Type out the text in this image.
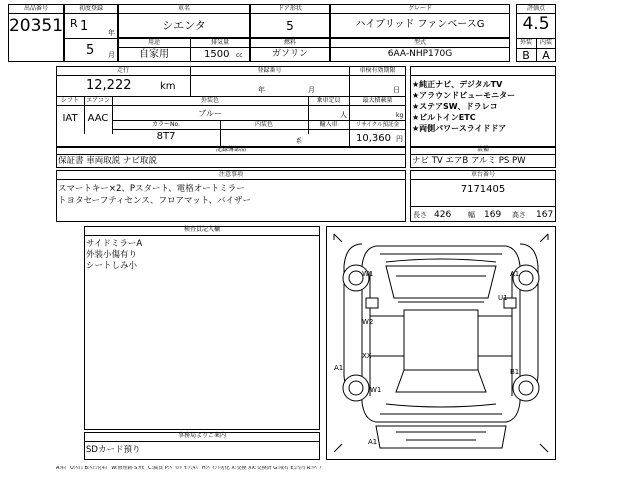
出品番号
20351
初度登録
R 1	年
5 月
車名
シエンタ
ドア形状
5
グレード
ハイブリッド ファンベースG
評価点
4.5
外装	内装
B	A
用途
自家用
排気量
1500 cc
燃料
ガソリン
型式
6AA-NHP170G
走行
12,222	km
登録番号	車検有効期限
年	月	日
シフト	エアコン
IAT	AAC
外装色
ブルー
乗車定員
人
最大積載量
kg
カラーNo.
8T7
内装色
系
輸入車	リサイクル預託金
10,360 円
★純正ナビ、デジタルTV
★アラウンドビューモニター
★ステアSW、ドラレコ
★ビルトインETC
★両側パワースライドドア
記録簿部品
保証書 車両取説 ナビ取説
装備
ナビ TV エアB アルミ PS PW
注意事項
スマートキー×2、Pスタート、電格オートミラー
トヨタセーフティセンス、フロアマット、バイザー
車台番号
7171405
長さ 426 幅 169 高さ 167
検査員記入欄
サイドミラーA
外装小傷有り
シートしみ小
事務局よりご案内
SDカード預り
W1	A1
U1
W2
XX
A1
W1
B1
A1
A:ｷｽﾞ U:ﾍｺﾐ B:ﾍｺﾐ付ｷｽﾞ W:修理跡 S:ｻﾋﾞ C:腐食 P:ﾍﾟｲﾝﾄ Y:穴ｷｽﾞ H:ﾍﾟｲﾝﾄ劣化 X:交換 XX:交換済 G:飛石 E:凸凹 R:ﾘﾍﾟｱ
